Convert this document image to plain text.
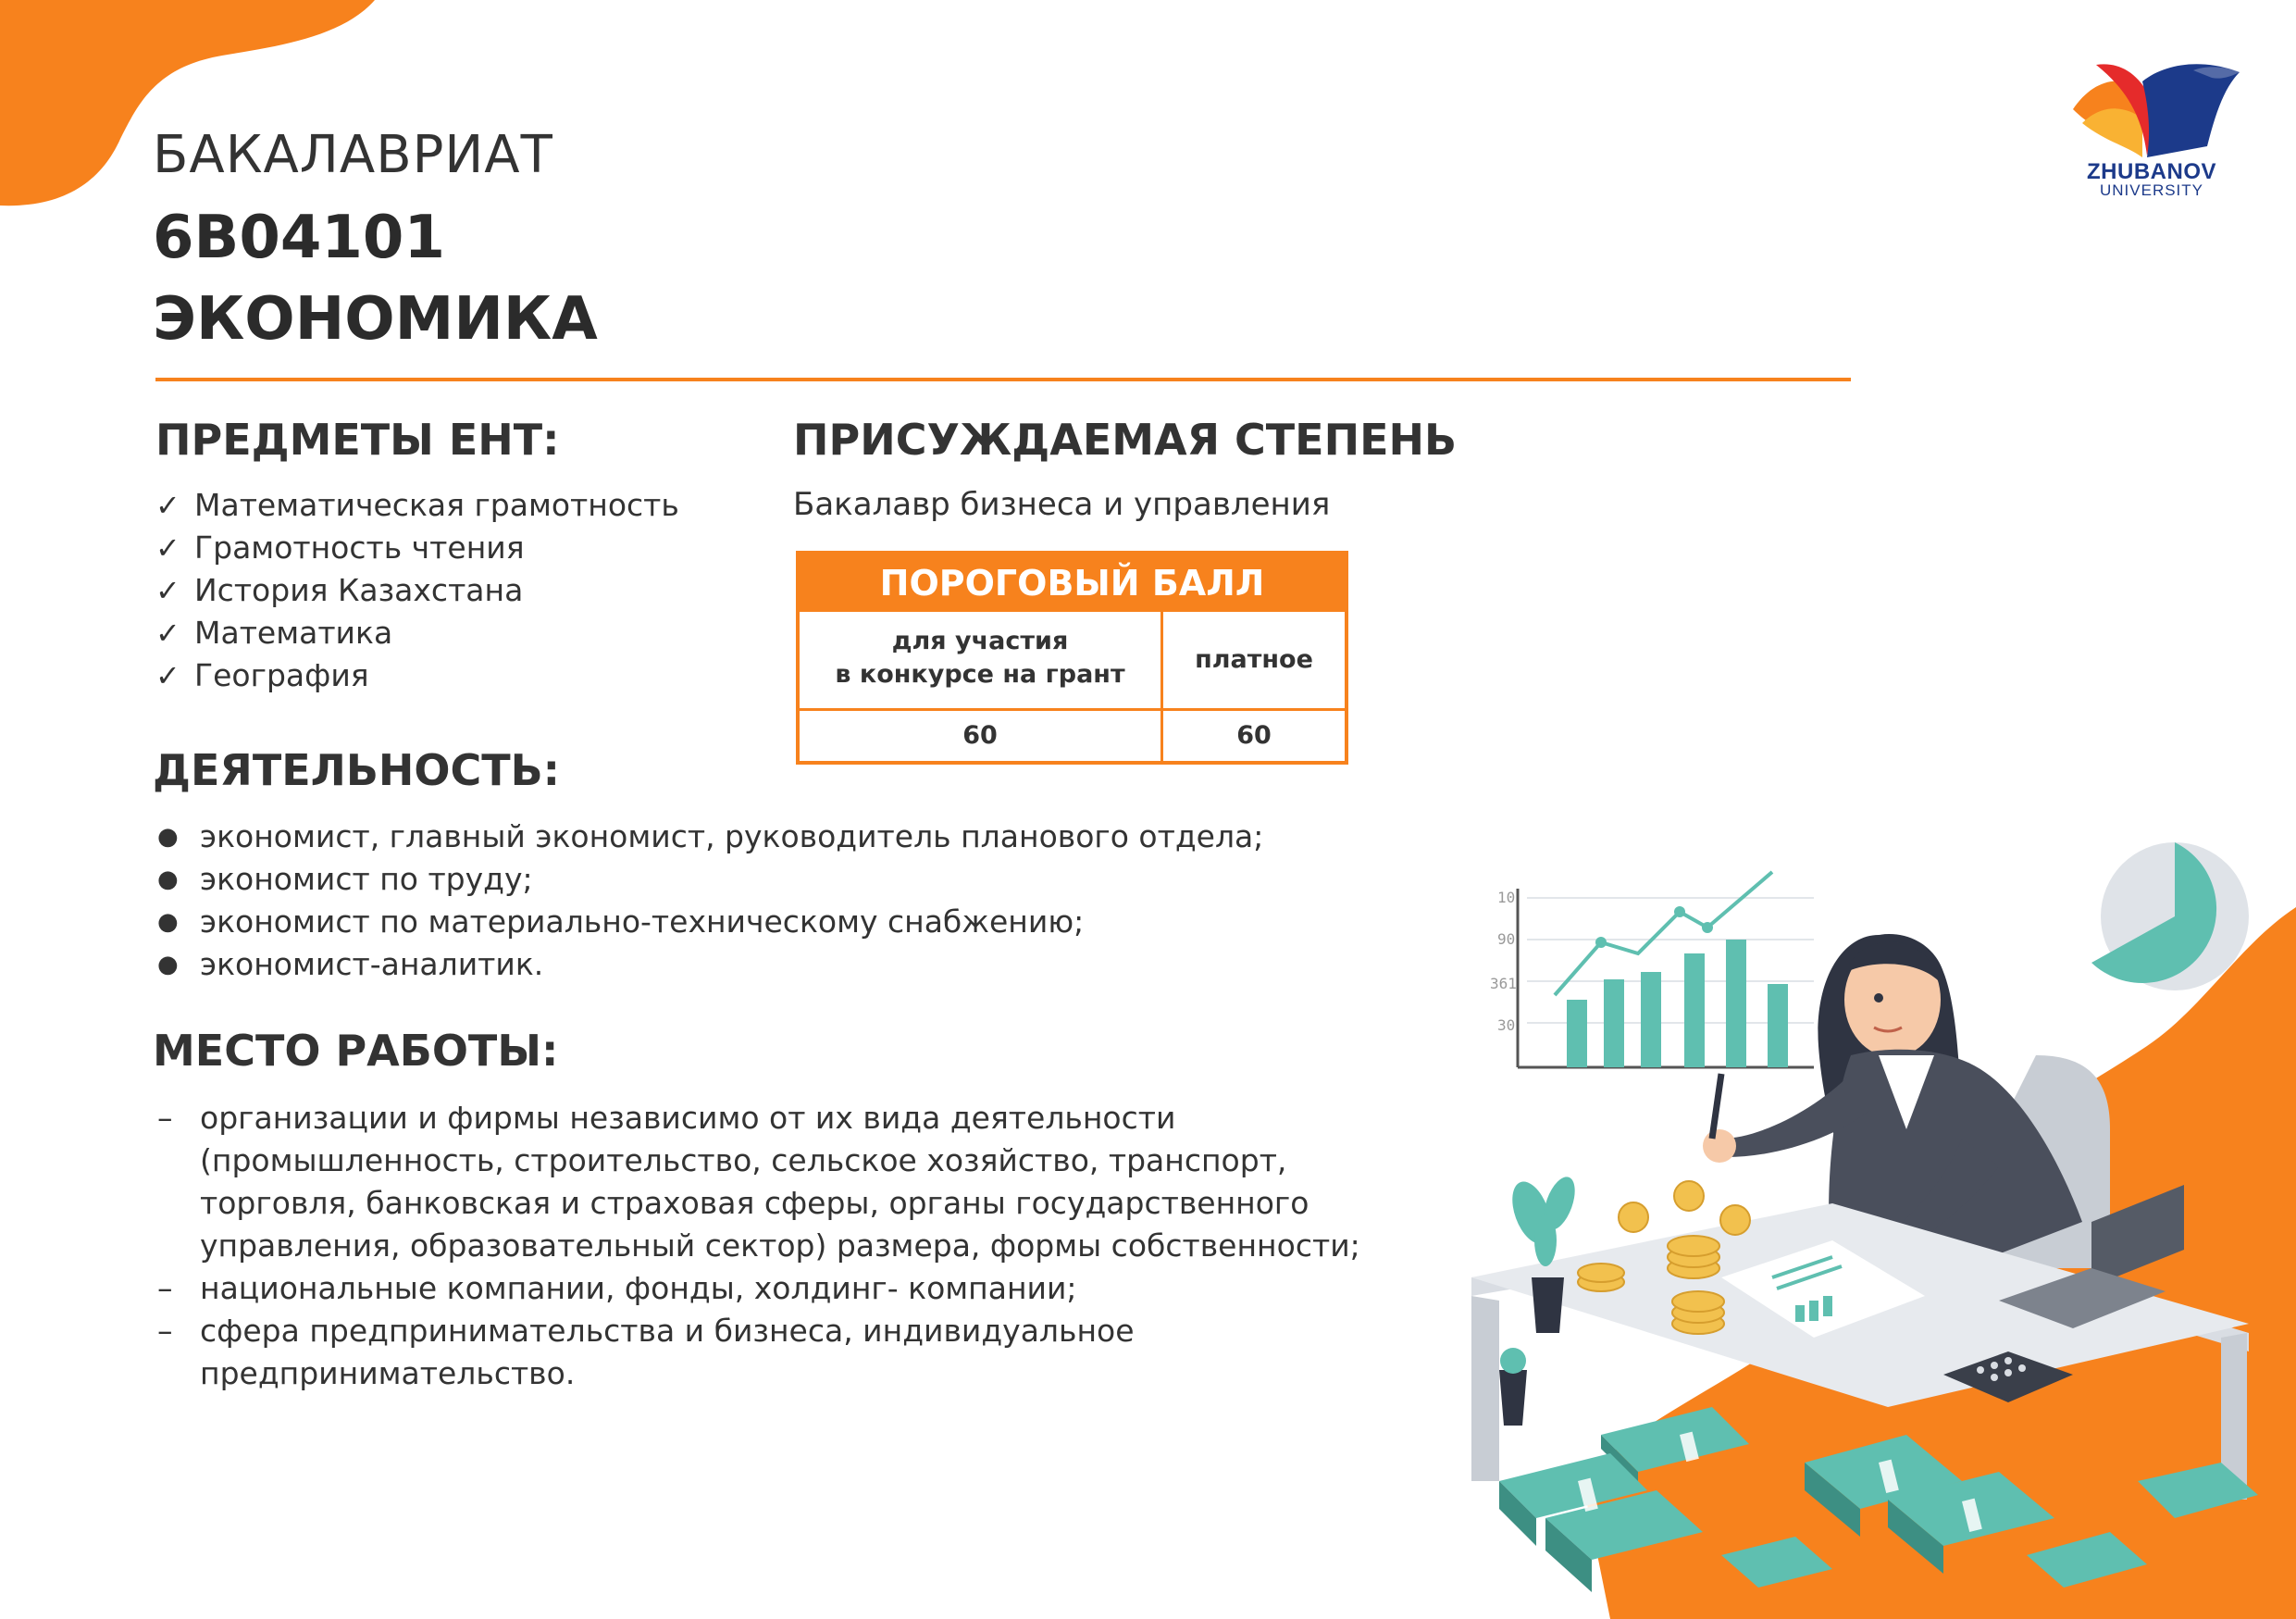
ZHUBANOV
UNIVERSITY
БАКАЛАВРИАТ
6B04101
ЭКОНОМИКА
ПРЕДМЕТЫ ЕНТ:
✓ Математическая грамотность
✓ Грамотность чтения
✓ История Казахстана
✓ Математика
✓ География
ПРИСУЖДАЕМАЯ СТЕПЕНЬ
Бакалавр бизнеса и управления
ПОРОГОВЫЙ БАЛЛ
для участия
в конкурсе на грант
платное
60	60
ДЕЯТЕЛЬНОСТЬ:
● экономист, главный экономист, руководитель планового отдела;
● экономист по труду;
● экономист по материально-техническому снабжению;
● экономист-аналитик.
МЕСТО РАБОТЫ:
– организации и фирмы независимо от их вида деятельности
(промышленность, строительство, сельское хозяйство, транспорт,
торговля, банковская и страховая сферы, органы государственного
управления, образовательный сектор) размера, формы собственности;
– национальные компании, фонды, холдинг- компании;
– сфера предпринимательства и бизнеса, индивидуальное
предпринимательство.
10
90
361
30
